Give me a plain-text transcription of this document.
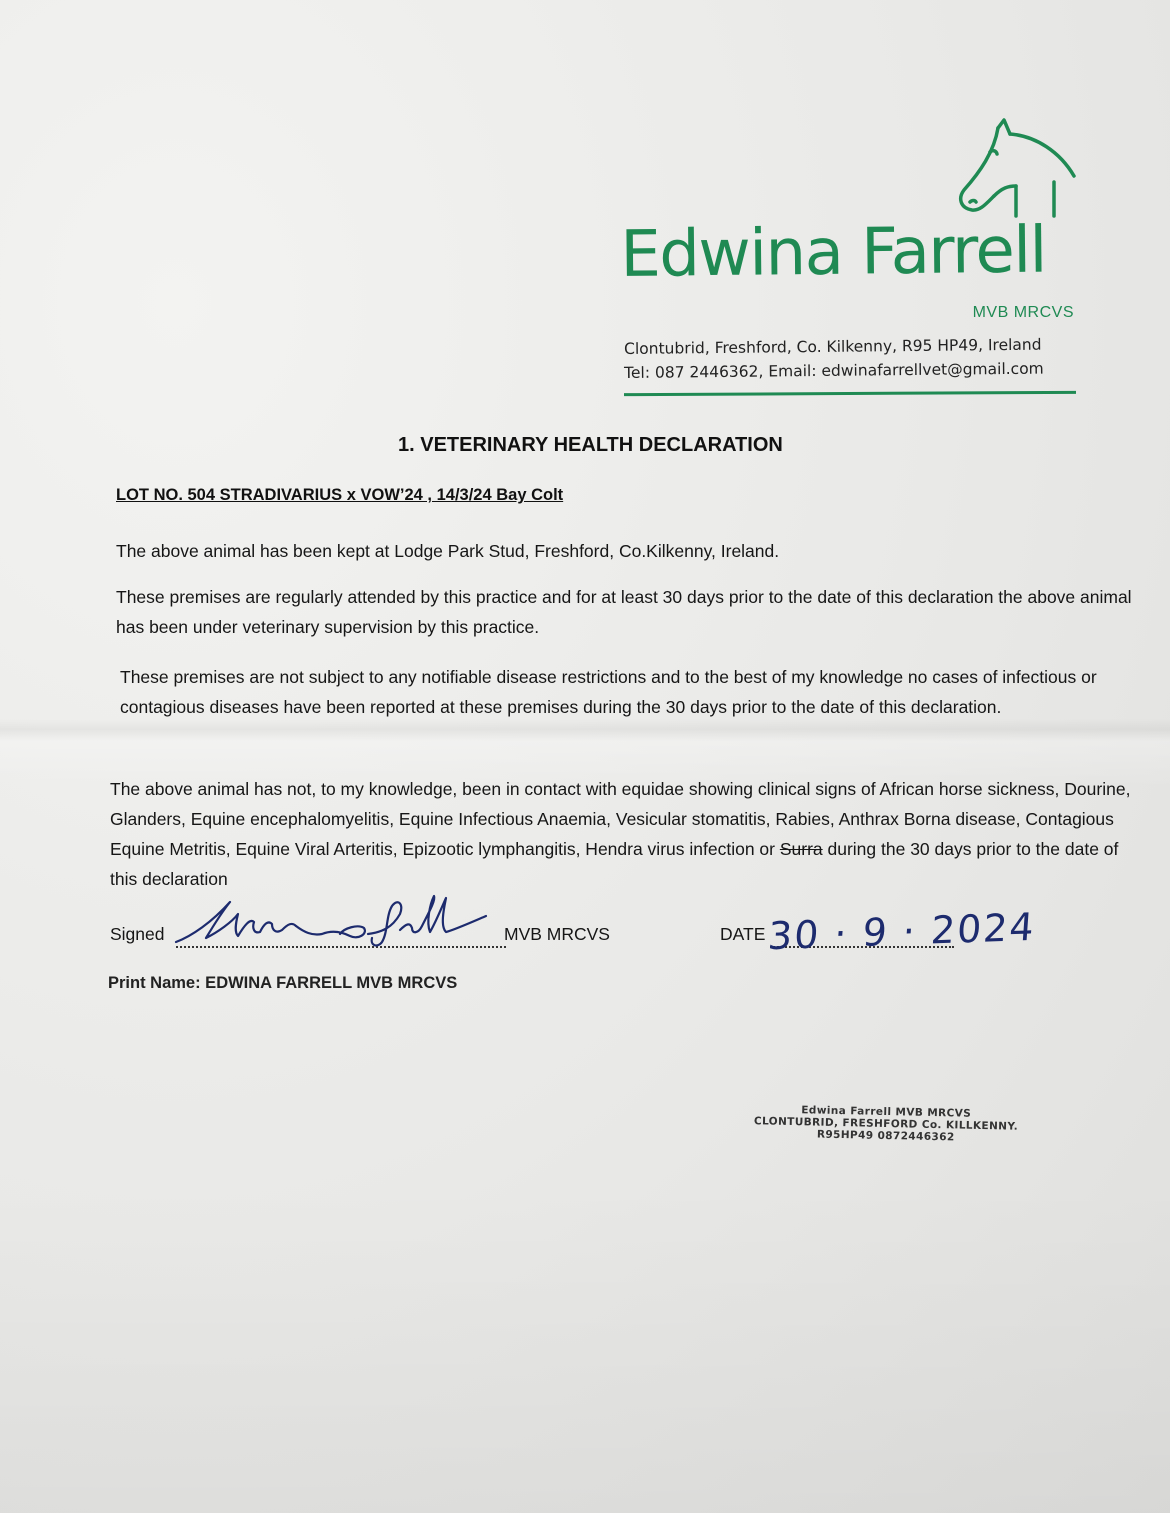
Edwina Farrell
MVB MRCVS
Clontubrid, Freshford, Co. Kilkenny, R95 HP49, Ireland
Tel: 087 2446362, Email: edwinafarrellvet@gmail.com
1. VETERINARY HEALTH DECLARATION
LOT NO. 504 STRADIVARIUS x VOW’24 , 14/3/24 Bay Colt
The above animal has been kept at Lodge Park Stud, Freshford, Co.Kilkenny, Ireland.
These premises are regularly attended by this practice and for at least 30 days prior to the date of this declaration the above animal has been under veterinary supervision by this practice.
These premises are not subject to any notifiable disease restrictions and to the best of my knowledge no cases of infectious or contagious diseases have been reported at these premises during the 30 days prior to the date of this declaration.
The above animal has not, to my knowledge, been in contact with equidae showing clinical signs of African horse sickness, Dourine, Glanders, Equine encephalomyelitis, Equine Infectious Anaemia, Vesicular stomatitis, Rabies, Anthrax Borna disease, Contagious Equine Metritis, Equine Viral Arteritis, Epizootic lymphangitis, Hendra virus infection or Surra during the 30 days prior to the date of this declaration
Signed	MVB MRCVS	DATE 30 · 9 · 2024
Print Name: EDWINA FARRELL MVB MRCVS
Edwina Farrell MVB MRCVS
CLONTUBRID, FRESHFORD Co. KILLKENNY.
R95HP49 0872446362
